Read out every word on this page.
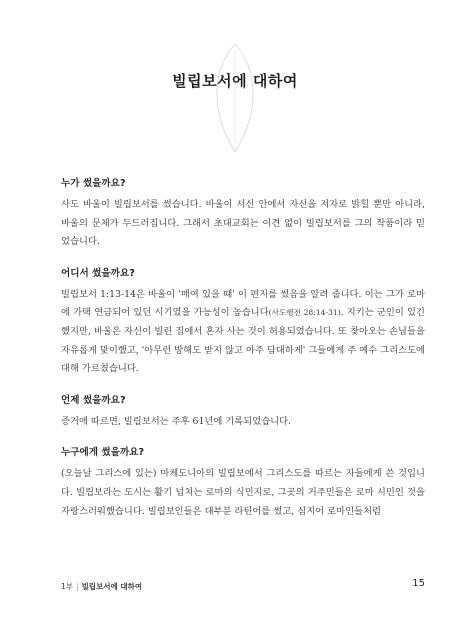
빌립보서에 대하여
누가 썼을까요?

사도 바울이 빌립보서를 썼습니다. 바울이 서신 안에서 자신을 저자로 밝힐 뿐만 아니라, 바울의 문체가 두드러집니다. 그래서 초대교회는 이견 없이 빌립보서를 그의 작품이라 믿었습니다.

어디서 썼을까요?

빌립보서 1:13-14은 바울이 '매여 있을 때' 이 편지를 썼음을 알려 줍니다. 이는 그가 로마에 가택 연금되어 있던 시기였을 가능성이 높습니다(사도행전 28:14-31). 지키는 군인이 있긴 했지만, 바울은 자신이 빌린 집에서 혼자 사는 것이 허용되었습니다. 또 찾아오는 손님들을 자유롭게 맞이했고, '아무런 방해도 받지 않고 아주 담대하게' 그들에게 주 예수 그리스도에 대해 가르쳤습니다.

언제 썼을까요?

증거에 따르면, 빌립보서는 주후 61년에 기록되었습니다.

누구에게 썼을까요?

(오늘날 그리스에 있는) 마케도니아의 빌립보에서 그리스도를 따르는 자들에게 쓴 것입니다. 빌립보라는 도시는 활기 넘치는 로마의 식민지로, 그곳의 거주민들은 로마 시민인 것을 자랑스러워했습니다. 빌립보인들은 대부분 라틴어를 썼고, 심지어 로마인들처럼

1부 | 빌립보서에 대하여	15
